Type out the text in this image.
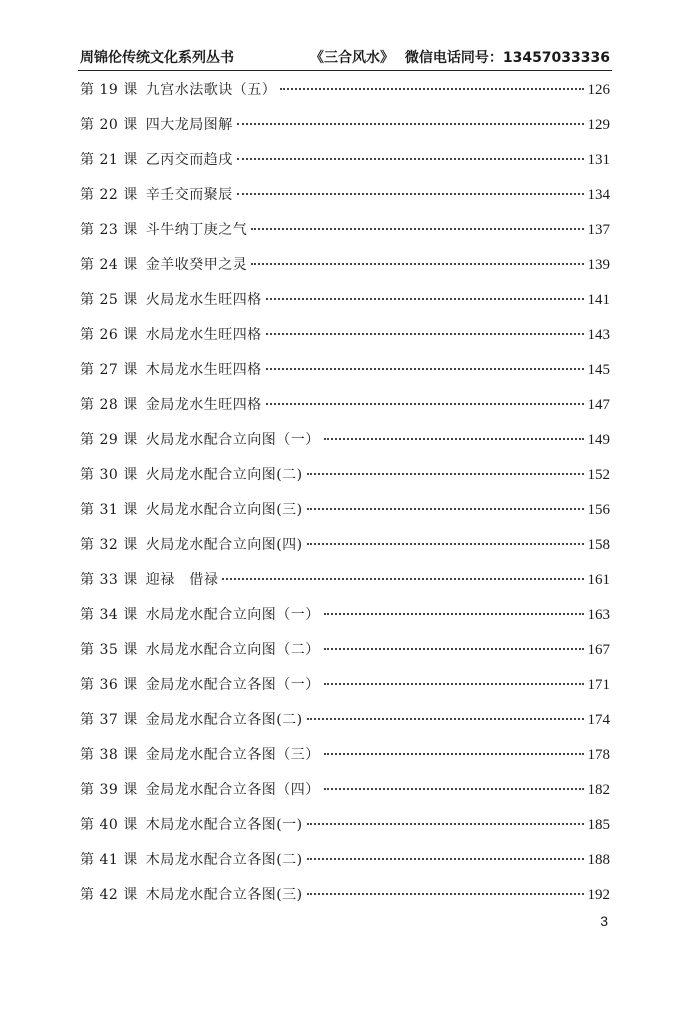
周锦伦传统文化系列丛书	《三合风水》 微信电话同号：13457033336
第 19 课 九宫水法歌诀（五）	126
第 20 课 四大龙局图解	129
第 21 课 乙丙交而趋戌	131
第 22 课 辛壬交而聚辰	134
第 23 课 斗牛纳丁庚之气	137
第 24 课 金羊收癸甲之灵	139
第 25 课 火局龙水生旺四格	141
第 26 课 水局龙水生旺四格	143
第 27 课 木局龙水生旺四格	145
第 28 课 金局龙水生旺四格	147
第 29 课 火局龙水配合立向图（一）	149
第 30 课 火局龙水配合立向图(二)	152
第 31 课 火局龙水配合立向图(三)	156
第 32 课 火局龙水配合立向图(四)	158
第 33 课 迎禄　借禄	161
第 34 课 水局龙水配合立向图（一）	163
第 35 课 水局龙水配合立向图（二）	167
第 36 课 金局龙水配合立各图（一）	171
第 37 课 金局龙水配合立各图(二)	174
第 38 课 金局龙水配合立各图（三）	178
第 39 课 金局龙水配合立各图（四）	182
第 40 课 木局龙水配合立各图(一)	185
第 41 课 木局龙水配合立各图(二)	188
第 42 课 木局龙水配合立各图(三)	192
3
